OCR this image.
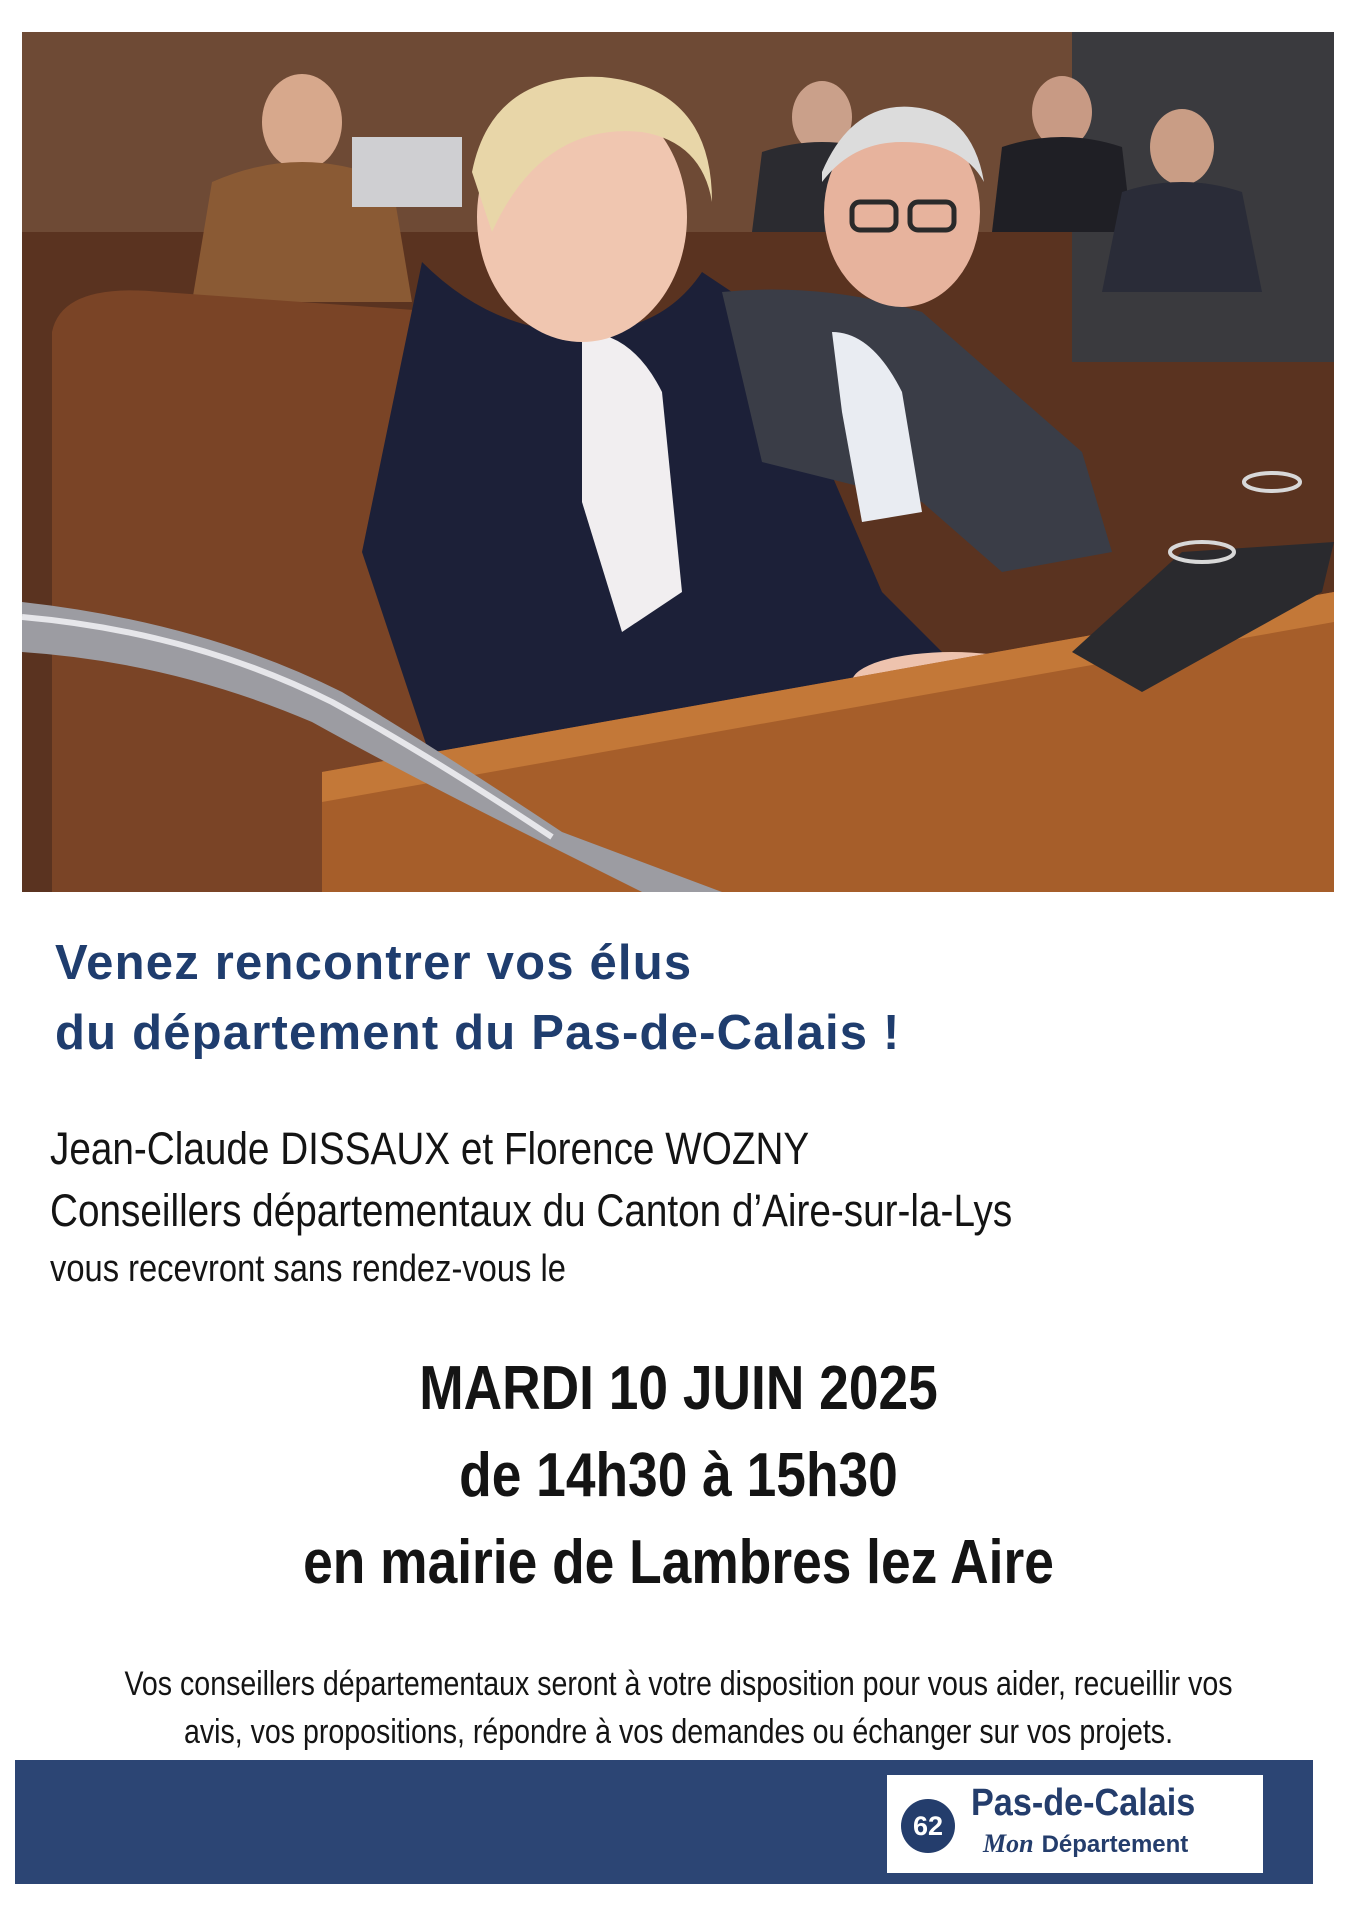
Venez rencontrer vos élus
du département du Pas-de-Calais !
Jean-Claude DISSAUX et Florence WOZNY
Conseillers départementaux du Canton d’Aire-sur-la-Lys
vous recevront sans rendez-vous le
MARDI 10 JUIN 2025
de 14h30 à 15h30
en mairie de Lambres lez Aire
Vos conseillers départementaux seront à votre disposition pour vous aider, recueillir vos
avis, vos propositions, répondre à vos demandes ou échanger sur vos projets.
62
Pas-de-Calais
Mon Département
